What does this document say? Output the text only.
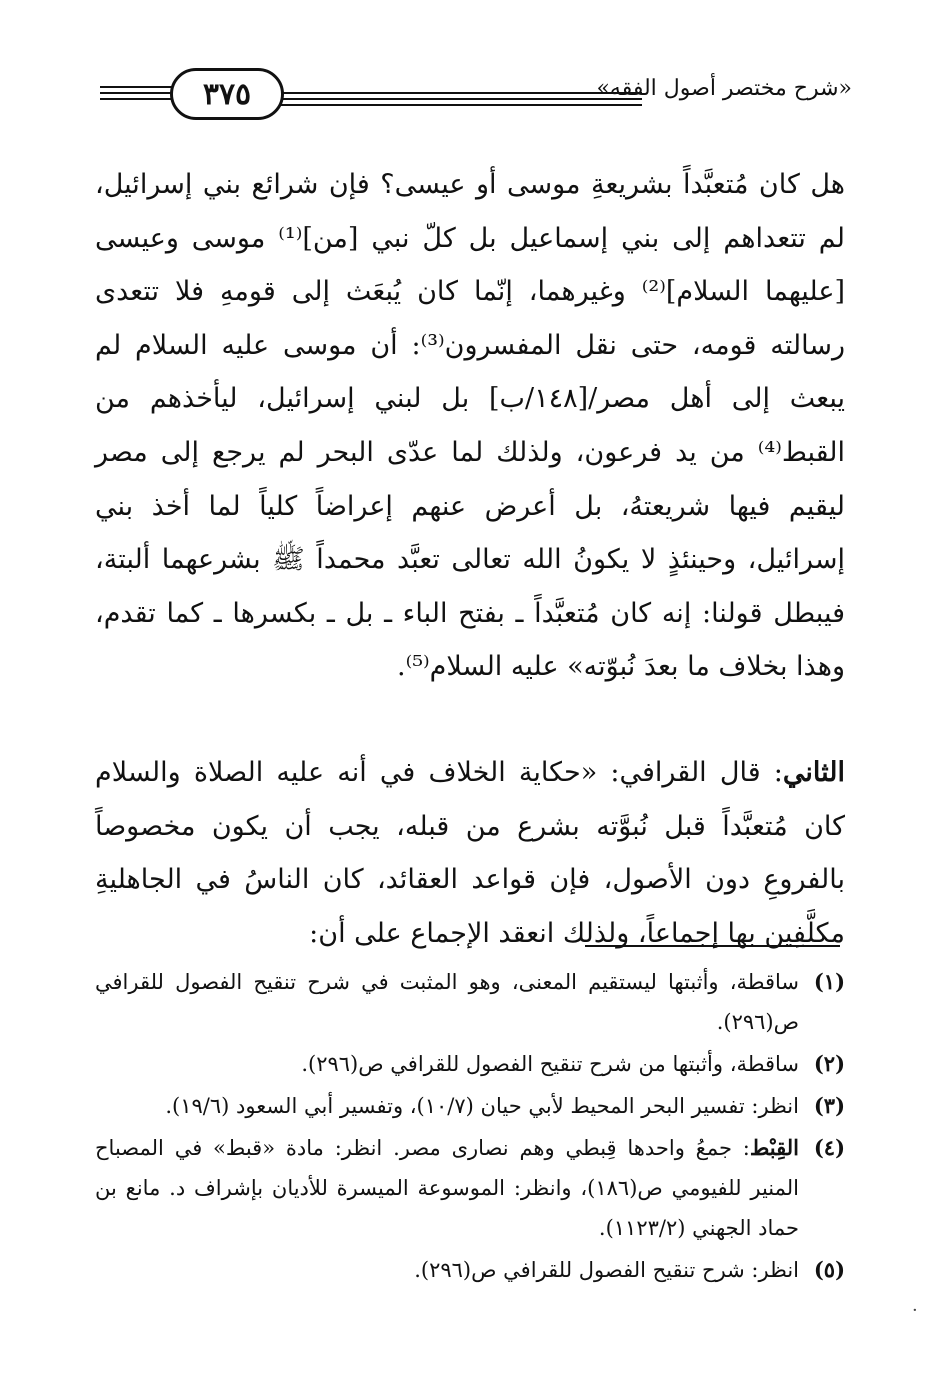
٣٧٥	«شرح مختصر أصول الفقه»

هل كان مُتعبَّداً بشريعةِ موسى أو عيسى؟ فإن شرائع بني إسرائيل، لم تتعداهم إلى بني إسماعيل بل كلّ نبي [من]⁽¹⁾ موسى وعيسى [عليهما السلام]⁽²⁾ وغيرهما، إنّما كان يُبعَث إلى قومهِ فلا تتعدى رسالته قومه، حتى نقل المفسرون⁽³⁾: أن موسى عليه السلام لم يبعث إلى أهل مصر/[١٤٨/ب] بل لبني إسرائيل، ليأخذهم من القبط⁽⁴⁾ من يد فرعون، ولذلك لما عدّى البحر لم يرجع إلى مصر ليقيم فيها شريعتهُ، بل أعرض عنهم إعراضاً كلياً لما أخذ بني إسرائيل، وحينئذٍ لا يكونُ الله تعالى تعبَّد محمداً ﷺ بشرعهما ألبتة، فيبطل قولنا: إنه كان مُتعبَّداً ـ بفتح الباء ـ بل ـ بكسرها ـ كما تقدم، وهذا بخلاف ما بعدَ نُبوّته» عليه السلام⁽⁵⁾.

الثاني: قال القرافي: «حكاية الخلاف في أنه عليه الصلاة والسلام كان مُتعبَّداً قبل نُبوَّته بشرع من قبله، يجب أن يكون مخصوصاً بالفروعِ دون الأصول، فإن قواعد العقائد، كان الناسُ في الجاهليةِ مكلَّفِين بها إجماعاً، ولذلك انعقد الإجماع على أن:

(١)
ساقطة، وأثبتها ليستقيم المعنى، وهو المثبت في شرح تنقيح الفصول للقرافي ص(٢٩٦).
(٢)
ساقطة، وأثبتها من شرح تنقيح الفصول للقرافي ص(٢٩٦).
(٣)
انظر: تفسير البحر المحيط لأبي حيان (١٠/٧)، وتفسير أبي السعود (١٩/٦).
(٤)
القِبْط: جمعُ واحدها قِبطي وهم نصارى مصر. انظر: مادة «قبط» في المصباح المنير للفيومي ص(١٨٦)، وانظر: الموسوعة الميسرة للأديان بإشراف د. مانع بن حماد الجهني (١١٢٣/٢).
(٥)
انظر: شرح تنقيح الفصول للقرافي ص(٢٩٦).
·
